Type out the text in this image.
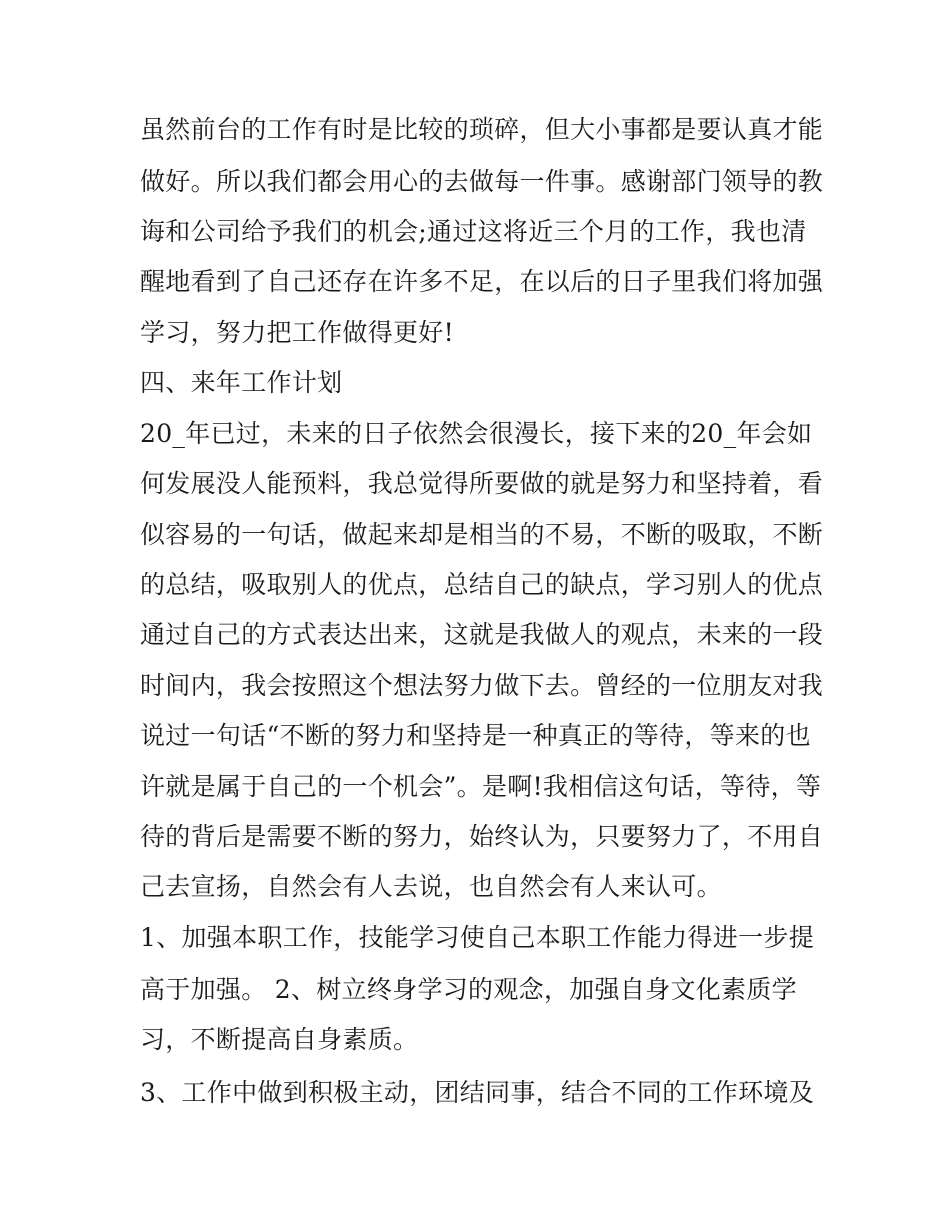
虽然前台的工作有时是比较的琐碎，但大小事都是要认真才能
做好。所以我们都会用心的去做每一件事。感谢部门领导的教
诲和公司给予我们的机会;通过这将近三个月的工作，我也清
醒地看到了自己还存在许多不足，在以后的日子里我们将加强
学习，努力把工作做得更好!
四、来年工作计划
20_年已过，未来的日子依然会很漫长，接下来的20_年会如
何发展没人能预料，我总觉得所要做的就是努力和坚持着，看
似容易的一句话，做起来却是相当的不易，不断的吸取，不断
的总结，吸取别人的优点，总结自己的缺点，学习别人的优点
通过自己的方式表达出来，这就是我做人的观点，未来的一段
时间内，我会按照这个想法努力做下去。曾经的一位朋友对我
说过一句话“不断的努力和坚持是一种真正的等待，等来的也
许就是属于自己的一个机会”。是啊!我相信这句话，等待，等
待的背后是需要不断的努力，始终认为，只要努力了，不用自
己去宣扬，自然会有人去说，也自然会有人来认可。
1、加强本职工作，技能学习使自己本职工作能力得进一步提
高于加强。 2、树立终身学习的观念，加强自身文化素质学
习，不断提高自身素质。
3、工作中做到积极主动，团结同事，结合不同的工作环境及
